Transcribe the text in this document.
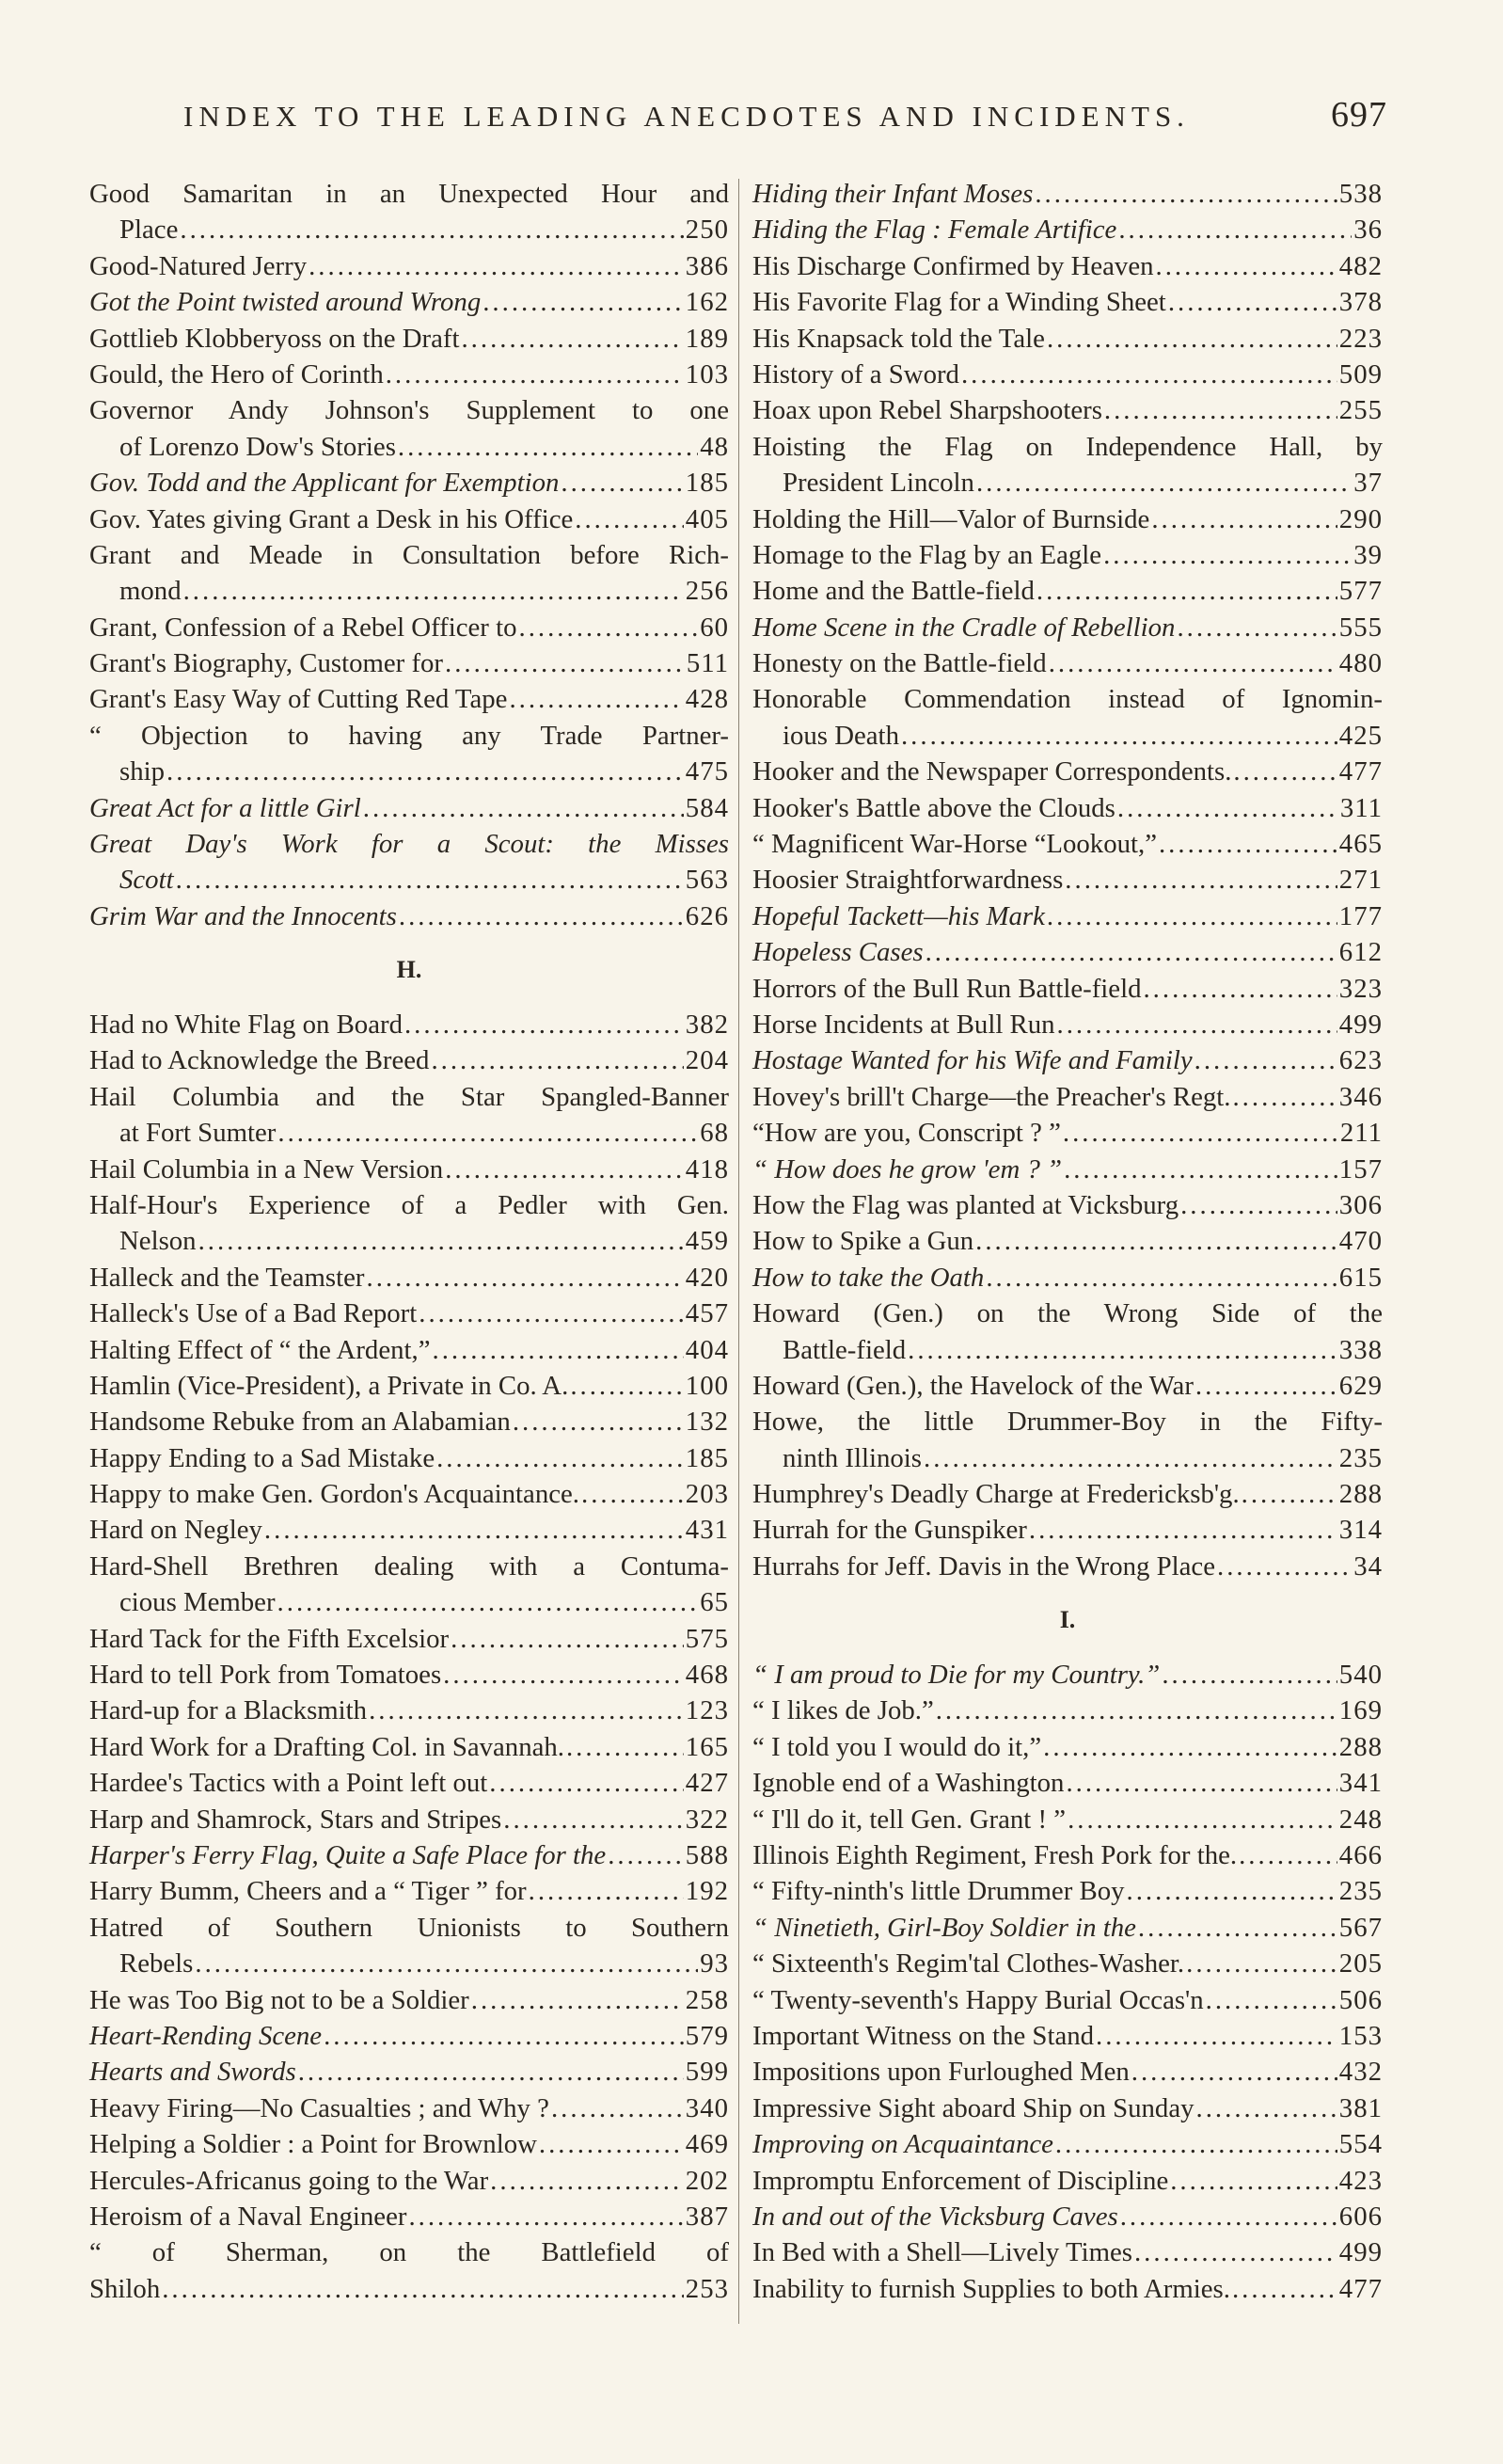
INDEX TO THE LEADING ANECDOTES AND INCIDENTS.	697
Good Samaritan in an Unexpected Hour and
Place .....	250
Good-Natured Jerry .....	386
Got the Point twisted around Wrong .....	162
Gottlieb Klobberyoss on the Draft .....	189
Gould, the Hero of Corinth .....	103
Governor Andy Johnson's Supplement to one
of Lorenzo Dow's Stories .....	48
Gov. Todd and the Applicant for Exemption .....	185
Gov. Yates giving Grant a Desk in his Office .....	405
Grant and Meade in Consultation before Rich-
mond .....	256
Grant, Confession of a Rebel Officer to .....	60
Grant's Biography, Customer for .....	511
Grant's Easy Way of Cutting Red Tape .....	428
“ Objection to having any Trade Partner-
ship .....	475
Great Act for a little Girl .....	584
Great Day's Work for a Scout: the Misses
Scott .....	563
Grim War and the Innocents .....	626
H.
Had no White Flag on Board .....	382
Had to Acknowledge the Breed .....	204
Hail Columbia and the Star Spangled-Banner
at Fort Sumter .....	68
Hail Columbia in a New Version .....	418
Half-Hour's Experience of a Pedler with Gen.
Nelson .....	459
Halleck and the Teamster .....	420
Halleck's Use of a Bad Report .....	457
Halting Effect of “ the Ardent,” .....	404
Hamlin (Vice-President), a Private in Co. A. .....	100
Handsome Rebuke from an Alabamian .....	132
Happy Ending to a Sad Mistake .....	185
Happy to make Gen. Gordon's Acquaintance. .....	203
Hard on Negley .....	431
Hard-Shell Brethren dealing with a Contuma-
cious Member .....	65
Hard Tack for the Fifth Excelsior .....	575
Hard to tell Pork from Tomatoes .....	468
Hard-up for a Blacksmith .....	123
Hard Work for a Drafting Col. in Savannah. .....	165
Hardee's Tactics with a Point left out .....	427
Harp and Shamrock, Stars and Stripes .....	322
Harper's Ferry Flag, Quite a Safe Place for the .....	588
Harry Bumm, Cheers and a “ Tiger ” for .....	192
Hatred of Southern Unionists to Southern
Rebels .....	93
He was Too Big not to be a Soldier .....	258
Heart-Rending Scene .....	579
Hearts and Swords .....	599
Heavy Firing—No Casualties ; and Why ? .....	340
Helping a Soldier : a Point for Brownlow .....	469
Hercules-Africanus going to the War .....	202
Heroism of a Naval Engineer .....	387
“ of Sherman, on the Battlefield of
Shiloh .....	253
Hiding their Infant Moses .....	538
Hiding the Flag : Female Artifice .....	36
His Discharge Confirmed by Heaven .....	482
His Favorite Flag for a Winding Sheet .....	378
His Knapsack told the Tale .....	223
History of a Sword .....	509
Hoax upon Rebel Sharpshooters .....	255
Hoisting the Flag on Independence Hall, by
President Lincoln .....	37
Holding the Hill—Valor of Burnside .....	290
Homage to the Flag by an Eagle .....	39
Home and the Battle-field .....	577
Home Scene in the Cradle of Rebellion .....	555
Honesty on the Battle-field .....	480
Honorable Commendation instead of Ignomin-
ious Death .....	425
Hooker and the Newspaper Correspondents. .....	477
Hooker's Battle above the Clouds .....	311
“ Magnificent War-Horse “Lookout,” .....	465
Hoosier Straightforwardness .....	271
Hopeful Tackett—his Mark .....	177
Hopeless Cases .....	612
Horrors of the Bull Run Battle-field .....	323
Horse Incidents at Bull Run .....	499
Hostage Wanted for his Wife and Family .....	623
Hovey's brill't Charge—the Preacher's Regt. .....	346
“How are you, Conscript ? ” .....	211
“ How does he grow 'em ? ” .....	157
How the Flag was planted at Vicksburg .....	306
How to Spike a Gun .....	470
How to take the Oath .....	615
Howard (Gen.) on the Wrong Side of the
Battle-field .....	338
Howard (Gen.), the Havelock of the War .....	629
Howe, the little Drummer-Boy in the Fifty-
ninth Illinois .....	235
Humphrey's Deadly Charge at Fredericksb'g. .....	288
Hurrah for the Gunspiker .....	314
Hurrahs for Jeff. Davis in the Wrong Place .....	34
I.
“ I am proud to Die for my Country.” .....	540
“ I likes de Job.” .....	169
“ I told you I would do it,” .....	288
Ignoble end of a Washington .....	341
“ I'll do it, tell Gen. Grant ! ” .....	248
Illinois Eighth Regiment, Fresh Pork for the. .....	466
“ Fifty-ninth's little Drummer Boy .....	235
“ Ninetieth, Girl-Boy Soldier in the .....	567
“ Sixteenth's Regim'tal Clothes-Washer. .....	205
“ Twenty-seventh's Happy Burial Occas'n .....	506
Important Witness on the Stand .....	153
Impositions upon Furloughed Men .....	432
Impressive Sight aboard Ship on Sunday .....	381
Improving on Acquaintance .....	554
Impromptu Enforcement of Discipline .....	423
In and out of the Vicksburg Caves .....	606
In Bed with a Shell—Lively Times .....	499
Inability to furnish Supplies to both Armies. .....	477
